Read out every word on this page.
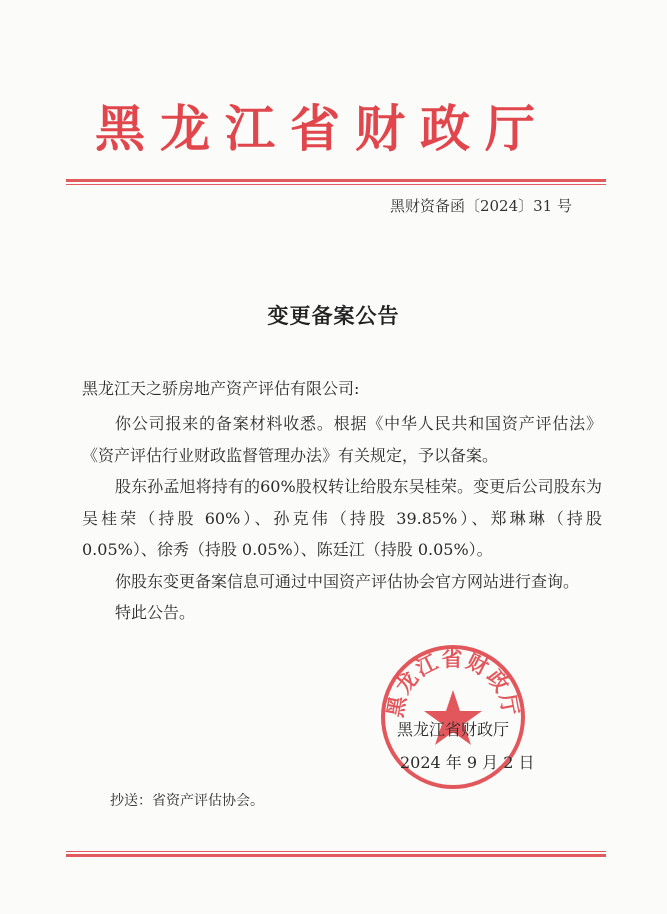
黑龙江省财政厅
黑财资备函〔2024〕31 号
变更备案公告
黑龙江天之骄房地产资产评估有限公司:

你公司报来的备案材料收悉。根据《中华人民共和国资产评估法》《资产评估行业财政监督管理办法》有关规定，予以备案。

股东孙孟旭将持有的60%股权转让给股东吴桂荣。变更后公司股东为吴桂荣（持股 60%）、孙克伟（持股 39.85%）、郑琳琳（持股 0.05%）、徐秀（持股 0.05%）、陈廷江（持股 0.05%）。

你股东变更备案信息可通过中国资产评估协会官方网站进行查询。

特此公告。

黑龙江省财政厅
黑龙江省财政厅
2024 年 9 月 2 日
抄送：省资产评估协会。
